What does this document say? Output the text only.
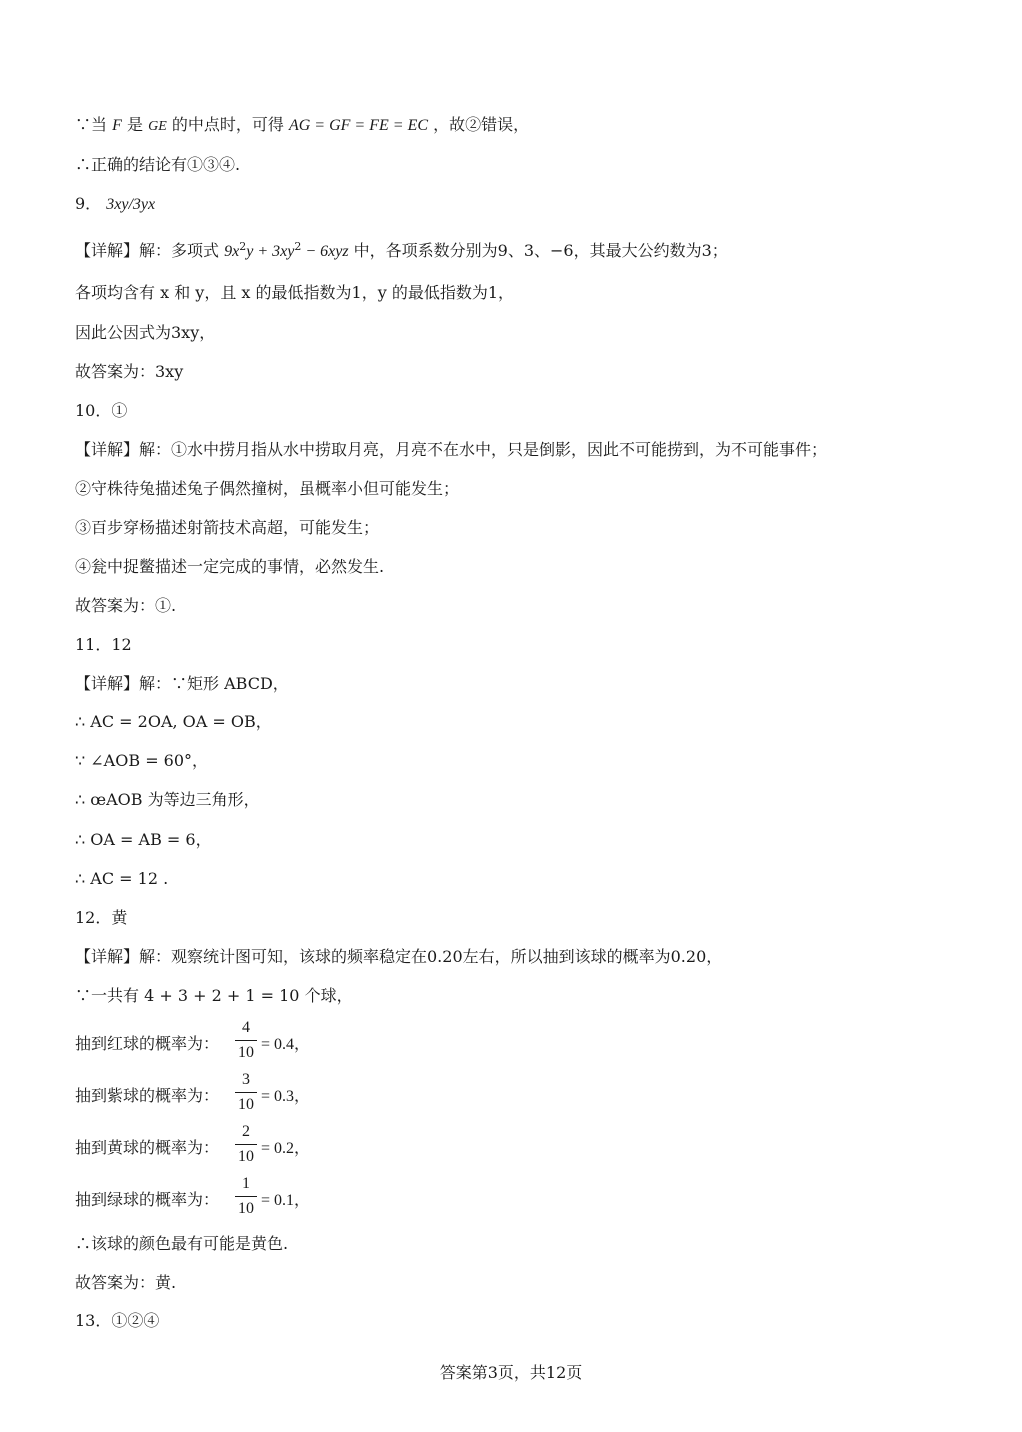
∵当 F 是 GE 的中点时，可得 AG = GF = FE = EC ，故②错误，
∴正确的结论有①③④.
9． 3xy/3yx
【详解】解：多项式 $9x^2y + 3xy^2 - 6xyz$ 中，各项系数分别为9、3、−6，其最大公约数为3；
各项均含有 x 和 y，且 x 的最低指数为1，y 的最低指数为1，
因此公因式为3xy，
故答案为：3xy
10．①
【详解】解：①水中捞月指从水中捞取月亮，月亮不在水中，只是倒影，因此不可能捞到，为不可能事件；
②守株待兔描述兔子偶然撞树，虽概率小但可能发生；
③百步穿杨描述射箭技术高超，可能发生；
④瓮中捉鳖描述一定完成的事情，必然发生.
故答案为：①.
11．12
【详解】解：∵矩形 ABCD，
∴ AC = 2OA, OA = OB，
∵ ∠AOB = 60°，
∴ œAOB 为等边三角形，
∴ OA = AB = 6，
∴ AC = 12 .
12．黄
【详解】解：观察统计图可知，该球的频率稳定在0.20左右，所以抽到该球的概率为0.20，
∵一共有 4 + 3 + 2 + 1 = 10 个球，
抽到红球的概率为：
4
10 = 0.4，
抽到紫球的概率为：
3
10 = 0.3，
抽到黄球的概率为：
2
10 = 0.2，
抽到绿球的概率为：
1
10 = 0.1，
∴该球的颜色最有可能是黄色.
故答案为：黄.
13．①②④
答案第3页，共12页
